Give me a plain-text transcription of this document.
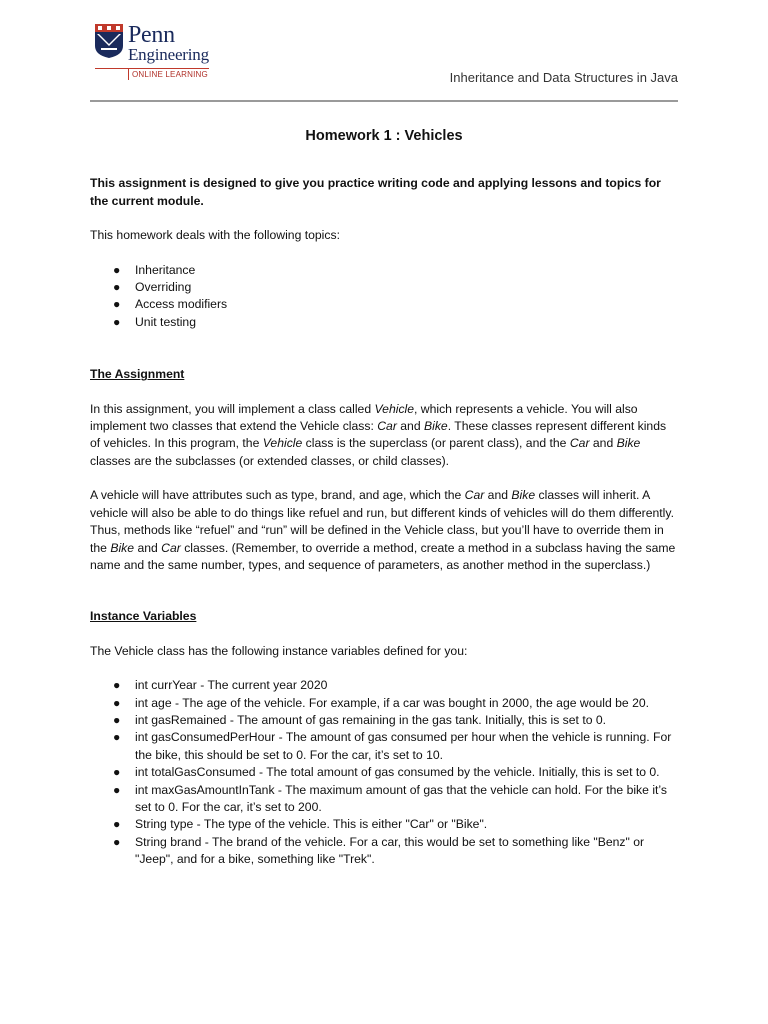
Penn
Engineering
ONLINE LEARNING	Inheritance and Data Structures in Java
Homework 1 : Vehicles

This assignment is designed to give you practice writing code and applying lessons and topics for the current module.

This homework deals with the following topics:

● Inheritance
● Overriding
● Access modifiers
● Unit testing

The Assignment

In this assignment, you will implement a class called Vehicle, which represents a vehicle. You will also implement two classes that extend the Vehicle class: Car and Bike. These classes represent different kinds of vehicles. In this program, the Vehicle class is the superclass (or parent class), and the Car and Bike classes are the subclasses (or extended classes, or child classes).

A vehicle will have attributes such as type, brand, and age, which the Car and Bike classes will inherit. A vehicle will also be able to do things like refuel and run, but different kinds of vehicles will do them differently. Thus, methods like “refuel” and “run” will be defined in the Vehicle class, but you’ll have to override them in the Bike and Car classes. (Remember, to override a method, create a method in a subclass having the same name and the same number, types, and sequence of parameters, as another method in the superclass.)

Instance Variables

The Vehicle class has the following instance variables defined for you:

● int currYear - The current year 2020
● int age - The age of the vehicle. For example, if a car was bought in 2000, the age would be 20.
● int gasRemained - The amount of gas remaining in the gas tank. Initially, this is set to 0.
● int gasConsumedPerHour - The amount of gas consumed per hour when the vehicle is running. For the bike, this should be set to 0. For the car, it’s set to 10.
● int totalGasConsumed - The total amount of gas consumed by the vehicle. Initially, this is set to 0.
● int maxGasAmountInTank - The maximum amount of gas that the vehicle can hold. For the bike it’s set to 0. For the car, it’s set to 200.
● String type - The type of the vehicle. This is either "Car" or "Bike".
● String brand - The brand of the vehicle. For a car, this would be set to something like "Benz" or "Jeep", and for a bike, something like "Trek".
